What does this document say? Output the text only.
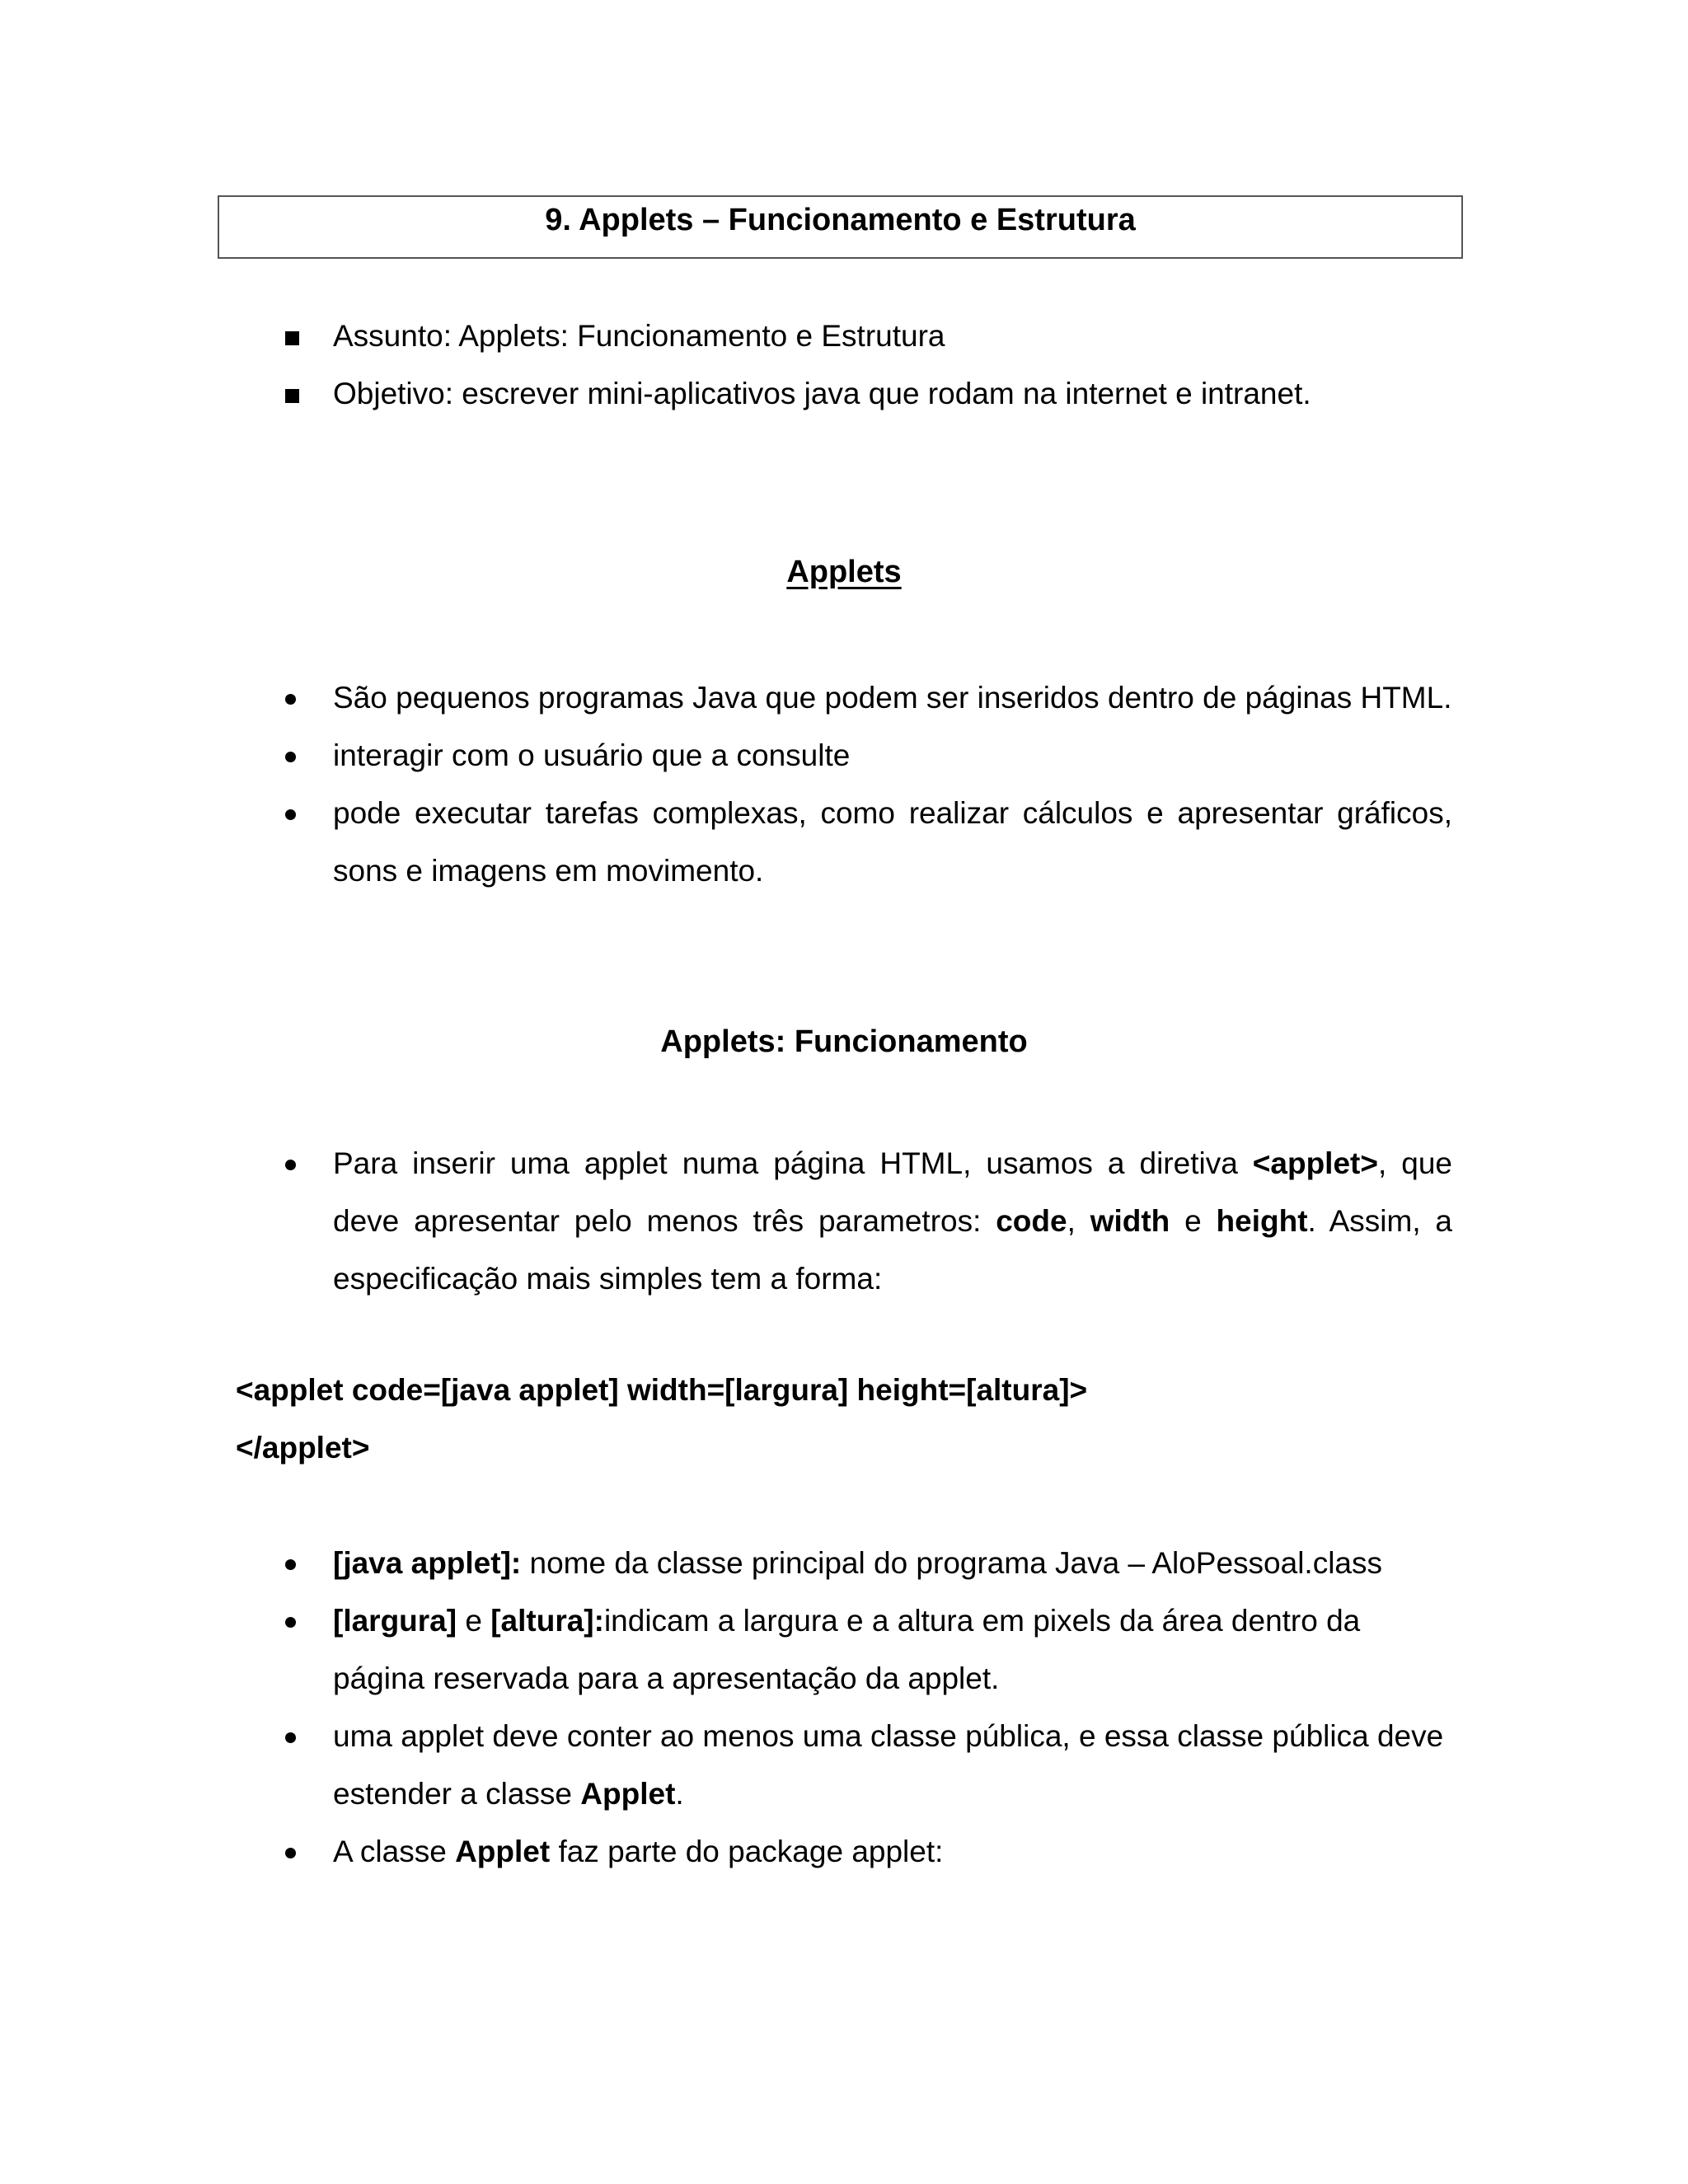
9. Applets – Funcionamento e Estrutura
Assunto: Applets: Funcionamento e Estrutura
Objetivo: escrever mini-aplicativos java que rodam na internet e intranet.
Applets
São pequenos programas Java que podem ser inseridos dentro de páginas HTML.
interagir com o usuário que a consulte
pode executar tarefas complexas, como realizar cálculos e apresentar gráficos, sons e imagens em movimento.
Applets: Funcionamento
Para inserir uma applet numa página HTML, usamos a diretiva <applet>, que deve apresentar pelo menos três parametros: code, width e height. Assim, a especificação mais simples tem a forma:
<applet code=[java applet] width=[largura] height=[altura]>
</applet>
[java applet]: nome da classe principal do programa Java – AloPessoal.class
[largura] e [altura]:indicam a largura e a altura em pixels da área dentro da página reservada para a apresentação da applet.
uma applet deve conter ao menos uma classe pública, e essa classe pública deve estender a classe Applet.
A classe Applet faz parte do package applet:
